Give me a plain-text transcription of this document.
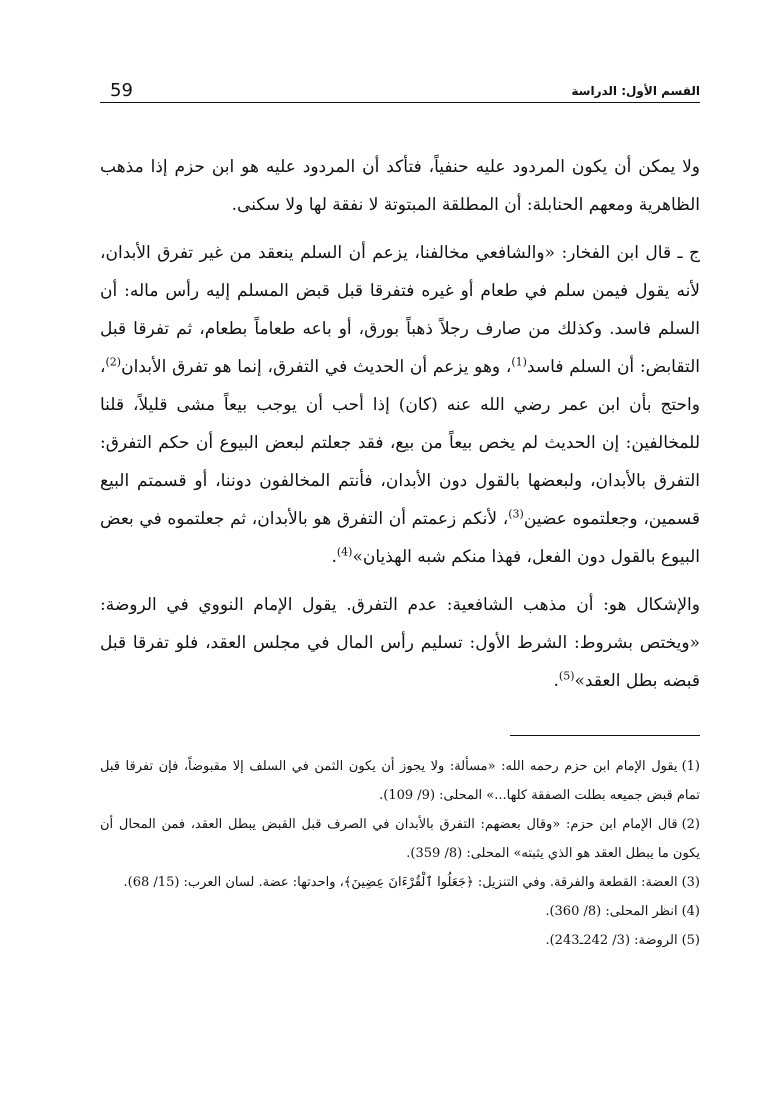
59	القسم الأول: الدراسة

ولا يمكن أن يكون المردود عليه حنفياً، فتأكد أن المردود عليه هو ابن حزم إذا مذهب الظاهرية ومعهم الحنابلة: أن المطلقة المبتوتة لا نفقة لها ولا سكنى.

ج ـ قال ابن الفخار: «والشافعي مخالفنا، يزعم أن السلم ينعقد من غير تفرق الأبدان، لأنه يقول فيمن سلم في طعام أو غيره فتفرقا قبل قبض المسلم إليه رأس ماله: أن السلم فاسد. وكذلك من صارف رجلاً ذهباً بورق، أو باعه طعاماً بطعام، ثم تفرقا قبل التقابض: أن السلم فاسد$^{(1)}$، وهو يزعم أن الحديث في التفرق، إنما هو تفرق الأبدان$^{(2)}$، واحتج بأن ابن عمر رضي الله عنه (كان) إذا أحب أن يوجب بيعاً مشى قليلاً، قلنا للمخالفين: إن الحديث لم يخص بيعاً من بيع، فقد جعلتم لبعض البيوع أن حكم التفرق: التفرق بالأبدان، ولبعضها بالقول دون الأبدان، فأنتم المخالفون دوننا، أو قسمتم البيع قسمين، وجعلتموه عضين$^{(3)}$، لأنكم زعمتم أن التفرق هو بالأبدان، ثم جعلتموه في بعض البيوع بالقول دون الفعل، فهذا منكم شبه الهذيان»$^{(4)}$.

والإشكال هو: أن مذهب الشافعية: عدم التفرق. يقول الإمام النووي في الروضة: «ويختص بشروط: الشرط الأول: تسليم رأس المال في مجلس العقد، فلو تفرقا قبل قبضه بطل العقد»$^{(5)}$.

(1)يقول الإمام ابن حزم رحمه الله: «مسألة: ولا يجوز أن يكون الثمن في السلف إلا مقبوضاً، فإن تفرقا قبل تمام قبض جميعه بطلت الصفقة كلها...» المحلى: (9/ 109).

(2)قال الإمام ابن حزم: «وقال بعضهم: التفرق بالأبدان في الصرف قبل القبض يبطل العقد، فمن المحال أن يكون ما يبطل العقد هو الذي يثبته» المحلى: (8/ 359).

(3)العضة: القطعة والفرقة. وفي التنزيل: ﴿جَعَلُوا ٱلْقُرْءَانَ عِضِينَ﴾، واحدتها: عضة. لسان العرب: (15/ 68).

(4)انظر المحلى: (8/ 360).

(5)الروضة: (3/ 242ـ243).
